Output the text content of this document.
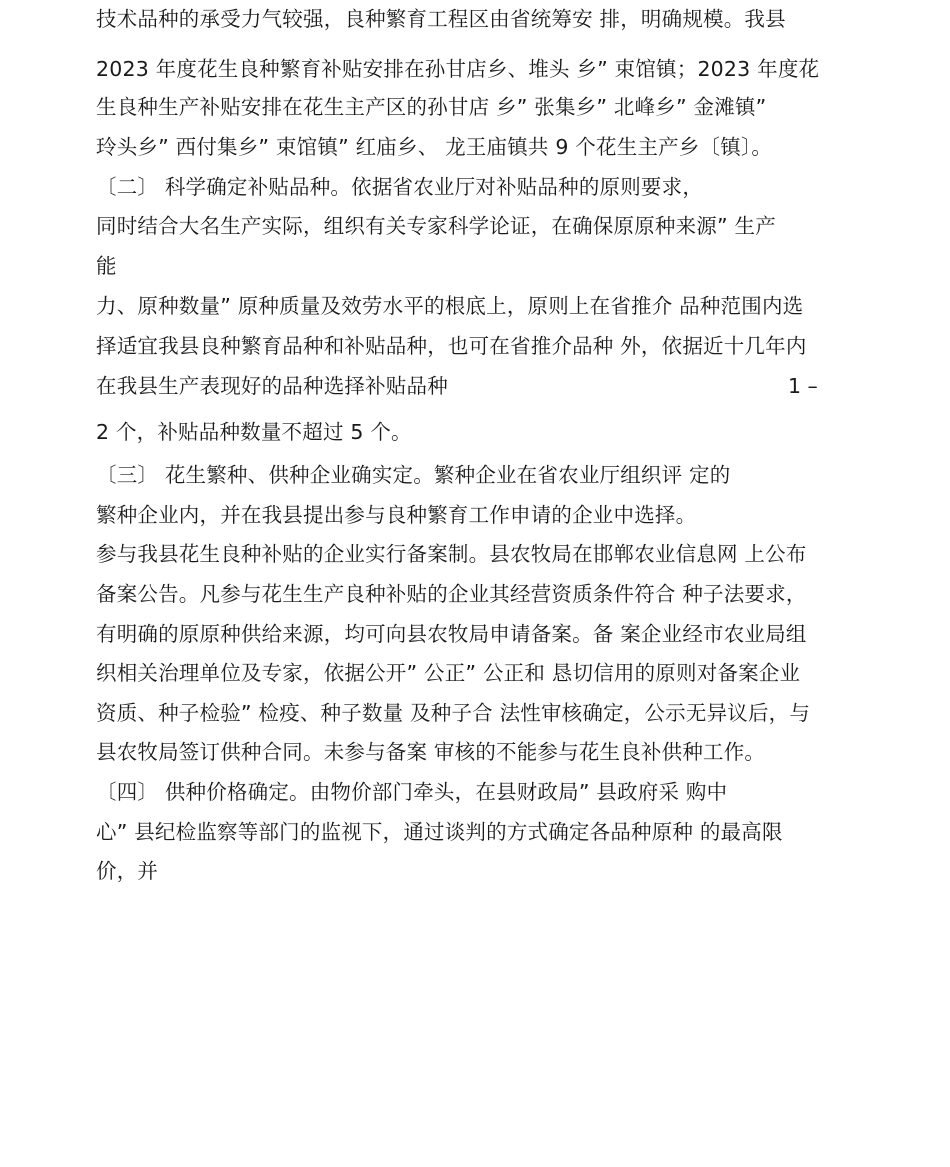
技术品种的承受力气较强，良种繁育工程区由省统筹安 排，明确规模。我县
2023 年度花生良种繁育补贴安排在孙甘店乡、堆头 乡” 束馆镇；2023 年度花
生良种生产补贴安排在花生主产区的孙甘店 乡” 张集乡” 北峰乡” 金滩镇”
玲头乡” 西付集乡” 束馆镇” 红庙乡、 龙王庙镇共 9 个花生主产乡〔镇〕。
〔二〕 科学确定补贴品种。依据省农业厅对补贴品种的原则要求，
同时结合大名生产实际，组织有关专家科学论证，在确保原原种来源” 生产
能
力、原种数量” 原种质量及效劳水平的根底上，原则上在省推介 品种范围内选
择适宜我县良种繁育品种和补贴品种，也可在省推介品种 外，依据近十几年内
在我县生产表现好的品种选择补贴品种	1 –
2 个，补贴品种数量不超过 5 个。
〔三〕 花生繁种、供种企业确实定。繁种企业在省农业厅组织评 定的
繁种企业内，并在我县提出参与良种繁育工作申请的企业中选择。
参与我县花生良种补贴的企业实行备案制。县农牧局在邯郸农业信息网 上公布
备案公告。凡参与花生生产良种补贴的企业其经营资质条件符合 种子法要求，
有明确的原原种供给来源，均可向县农牧局申请备案。备 案企业经市农业局组
织相关治理单位及专家，依据公开” 公正” 公正和 恳切信用的原则对备案企业
资质、种子检验” 检疫、种子数量 及种子合 法性审核确定，公示无异议后，与
县农牧局签订供种合同。未参与备案 审核的不能参与花生良补供种工作。
〔四〕 供种价格确定。由物价部门牵头，在县财政局” 县政府采 购中
心” 县纪检监察等部门的监视下，通过谈判的方式确定各品种原种 的最高限
价，并
